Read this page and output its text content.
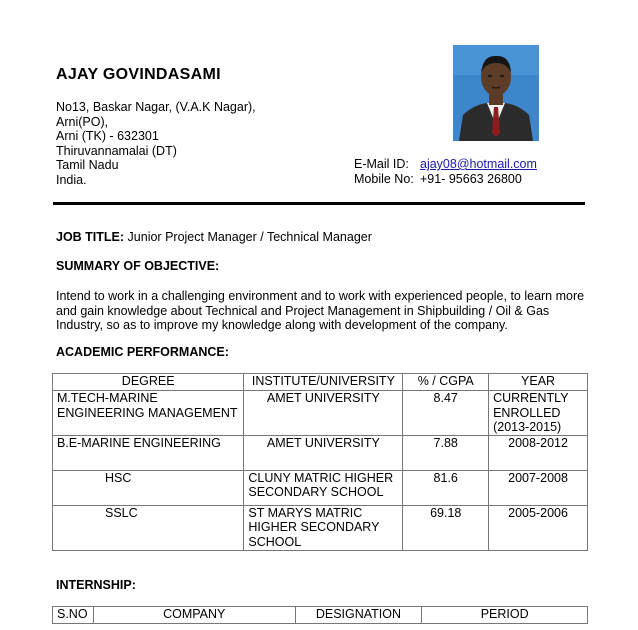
AJAY GOVINDASAMI
No13, Baskar Nagar, (V.A.K Nagar),
Arni(PO),
Arni (TK) - 632301
Thiruvannamalai (DT)
Tamil Nadu
India.
E-Mail ID: ajay08@hotmail.com
Mobile No: +91- 95663 26800
JOB TITLE: Junior Project Manager / Technical Manager
SUMMARY OF OBJECTIVE:
Intend to work in a challenging environment and to work with experienced people, to learn more and gain knowledge about Technical and Project Management in Shipbuilding / Oil & Gas Industry, so as to improve my knowledge along with development of the company.
ACADEMIC PERFORMANCE:
DEGREE	INSTITUTE/UNIVERSITY	% / CGPA	YEAR
M.TECH-MARINE ENGINEERING MANAGEMENT	AMET UNIVERSITY	8.47	CURRENTLY ENROLLED (2013-2015)
B.E-MARINE ENGINEERING	AMET UNIVERSITY	7.88	2008-2012
HSC	CLUNY MATRIC HIGHER SECONDARY SCHOOL	81.6	2007-2008
SSLC	ST MARYS MATRIC HIGHER SECONDARY SCHOOL	69.18	2005-2006
INTERNSHIP:
S.NO	COMPANY	DESIGNATION	PERIOD
